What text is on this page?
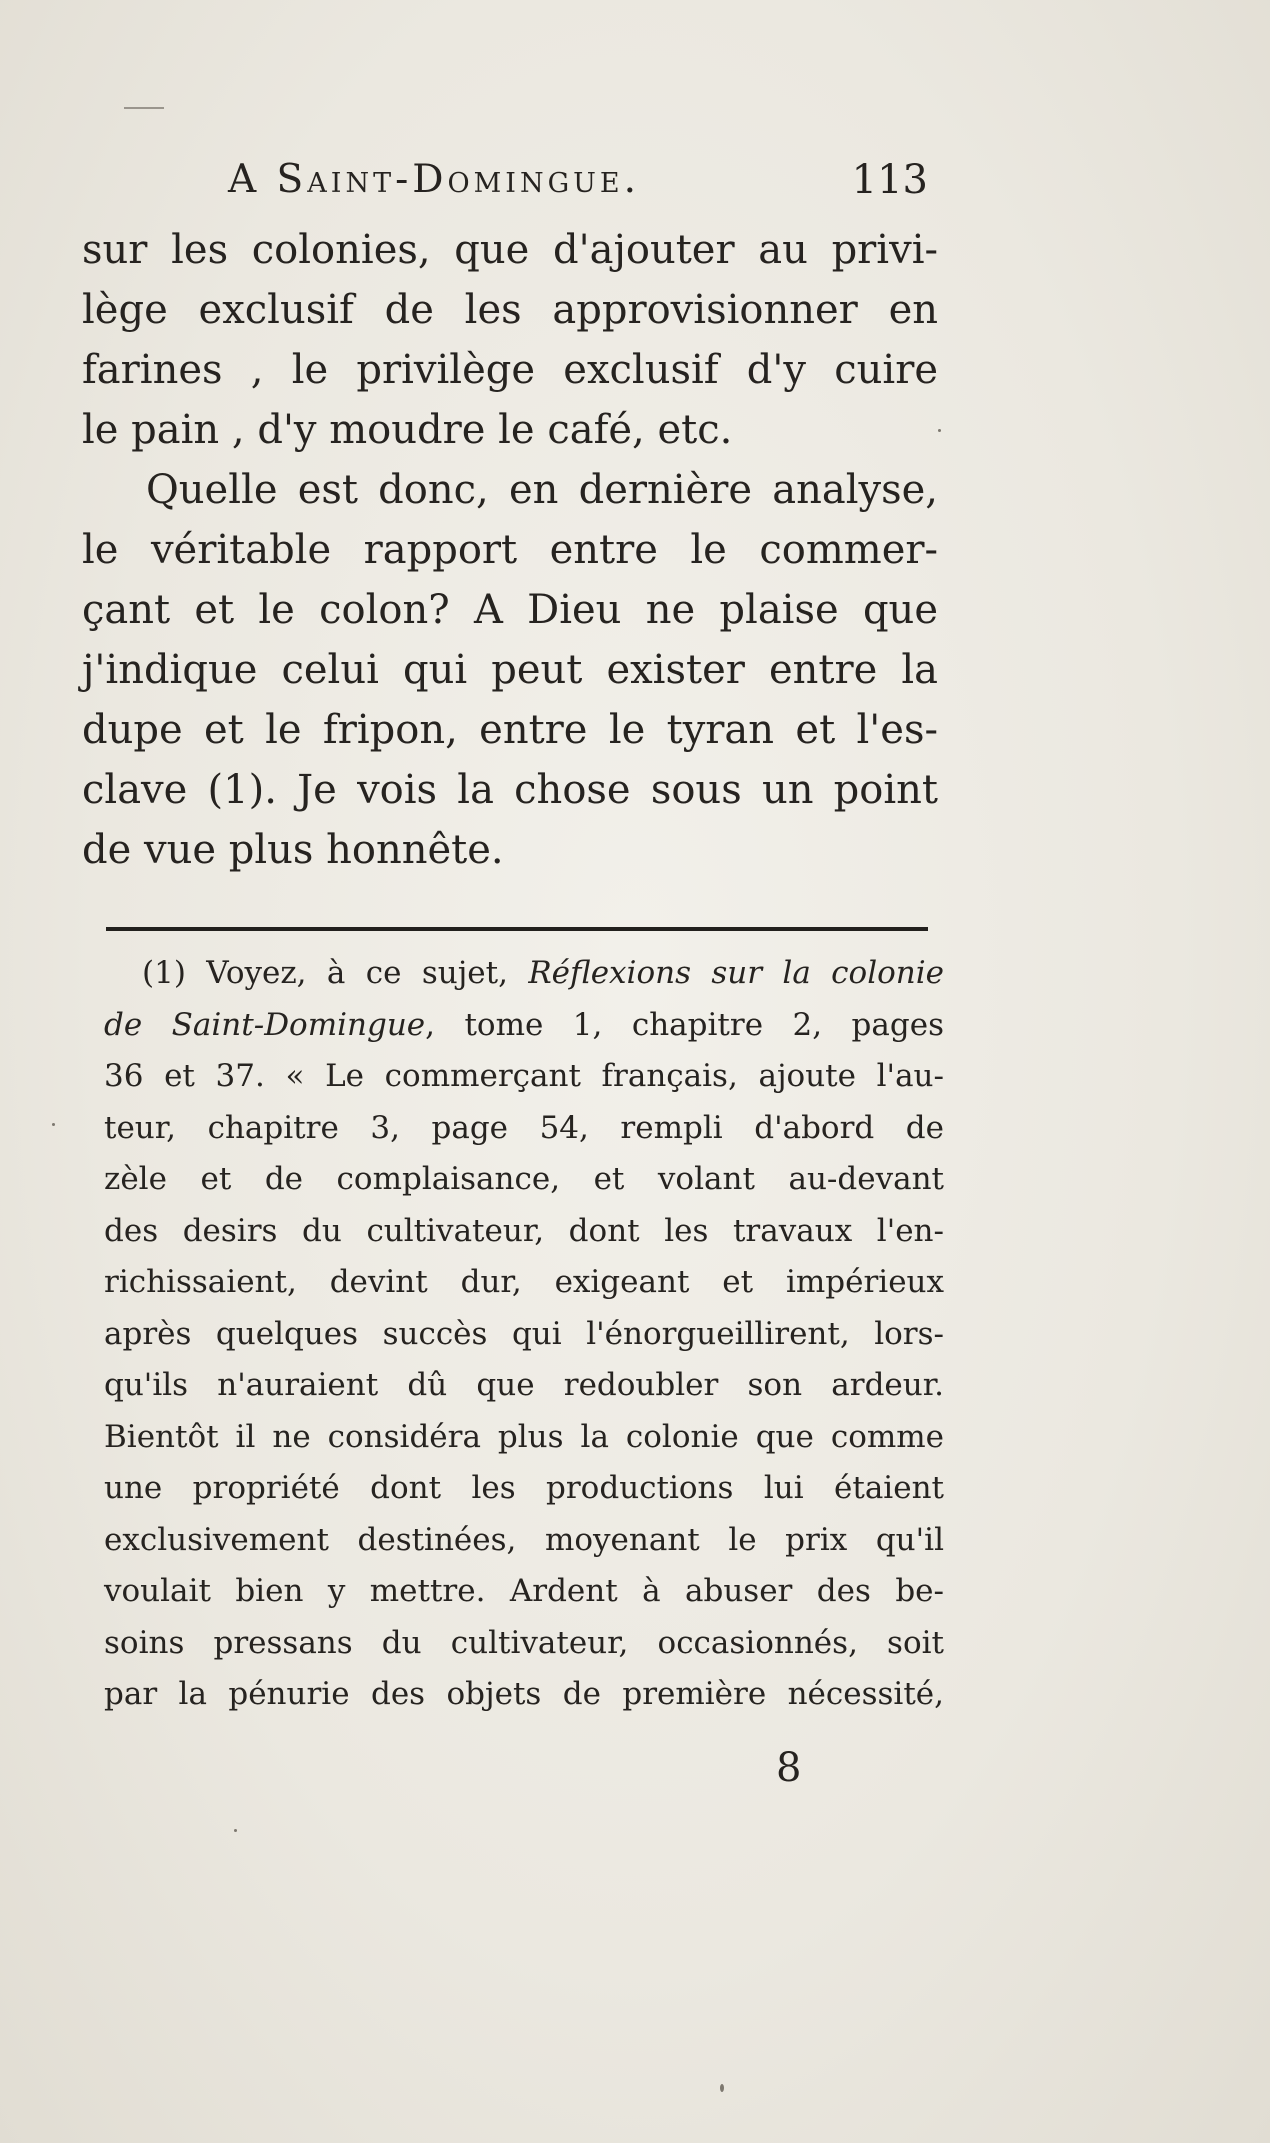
A Saint-Domingue.	113
sur les colonies, que d'ajouter au privi-
lège exclusif de les approvisionner en
farines , le privilège exclusif d'y cuire
le pain , d'y moudre le café, etc.
Quelle est donc, en dernière analyse,
le véritable rapport entre le commer-
çant et le colon? A Dieu ne plaise que
j'indique celui qui peut exister entre la
dupe et le fripon, entre le tyran et l'es-
clave (1). Je vois la chose sous un point
de vue plus honnête.
(1) Voyez, à ce sujet, Réflexions sur la colonie
de Saint-Domingue, tome 1, chapitre 2, pages
36 et 37. « Le commerçant français, ajoute l'au-
teur, chapitre 3, page 54, rempli d'abord de
zèle et de complaisance, et volant au-devant
des desirs du cultivateur, dont les travaux l'en-
richissaient, devint dur, exigeant et impérieux
après quelques succès qui l'énorgueillirent, lors-
qu'ils n'auraient dû que redoubler son ardeur.
Bientôt il ne considéra plus la colonie que comme
une propriété dont les productions lui étaient
exclusivement destinées, moyenant le prix qu'il
voulait bien y mettre. Ardent à abuser des be-
soins pressans du cultivateur, occasionnés, soit
par la pénurie des objets de première nécessité,
8
